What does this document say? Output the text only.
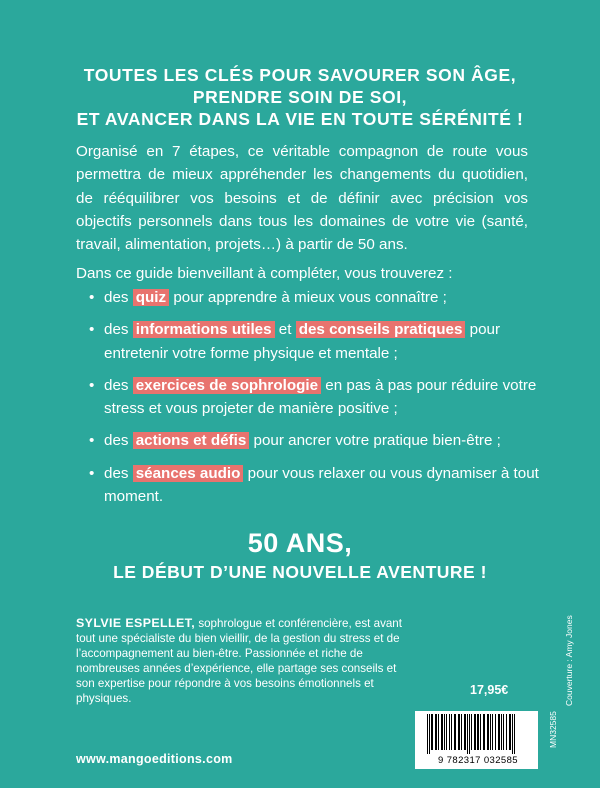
TOUTES LES CLÉS POUR SAVOURER SON ÂGE,
PRENDRE SOIN DE SOI,
ET AVANCER DANS LA VIE EN TOUTE SÉRÉNITÉ !
Organisé en 7 étapes, ce véritable compagnon de route vous permettra de mieux appréhender les changements du quotidien, de rééquilibrer vos besoins et de définir avec précision vos objectifs personnels dans tous les domaines de votre vie (santé, travail, alimentation, projets…) à partir de 50 ans.
Dans ce guide bienveillant à compléter, vous trouverez :
• des quiz pour apprendre à mieux vous connaître ;
• des informations utiles et des conseils pratiques pour entretenir votre forme physique et mentale ;
• des exercices de sophrologie en pas à pas pour réduire votre stress et vous projeter de manière positive ;
• des actions et défis pour ancrer votre pratique bien-être ;
• des séances audio pour vous relaxer ou vous dynamiser à tout moment.
50 ANS,
LE DÉBUT D’UNE NOUVELLE AVENTURE !
SYLVIE ESPELLET, sophrologue et conférencière, est avant tout une spécialiste du bien vieillir, de la gestion du stress et de l’accompagnement au bien-être. Passionnée et riche de nombreuses années d’expérience, elle partage ses conseils et son expertise pour répondre à vos besoins émotionnels et physiques.
17,95€
9 782317 032585
MN32585
Couverture : Amy Jones
www.mangoeditions.com
